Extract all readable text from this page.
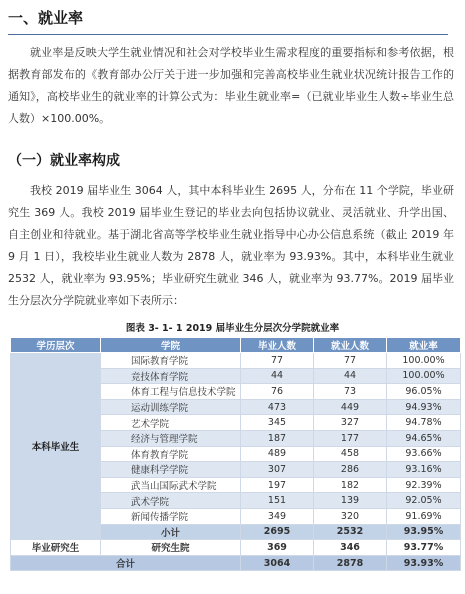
一、就业率
就业率是反映大学生就业情况和社会对学校毕业生需求程度的重要指标和参考依据，根据教育部发布的《教育部办公厅关于进一步加强和完善高校毕业生就业状况统计报告工作的通知》，高校毕业生的就业率的计算公式为：毕业生就业率=（已就业毕业生人数÷毕业生总人数）×100.00%。
（一）就业率构成
我校 2019 届毕业生 3064 人，其中本科毕业生 2695 人，分布在 11 个学院，毕业研究生 369 人。我校 2019 届毕业生登记的毕业去向包括协议就业、灵活就业、升学出国、自主创业和待就业。基于湖北省高等学校毕业生就业指导中心办公信息系统（截止 2019 年 9 月 1 日），我校毕业生就业人数为 2878 人，就业率为 93.93%。其中，本科毕业生就业 2532 人，就业率为 93.95%；毕业研究生就业 346 人，就业率为 93.77%。2019 届毕业生分层次分学院就业率如下表所示：
图表 3- 1- 1 2019 届毕业生分层次分学院就业率
学历层次	学院	毕业人数	就业人数	就业率
本科毕业生	国际教育学院	77	77	100.00%
	竞技体育学院	44	44	100.00%
	体育工程与信息技术学院	76	73	96.05%
	运动训练学院	473	449	94.93%
	艺术学院	345	327	94.78%
	经济与管理学院	187	177	94.65%
	体育教育学院	489	458	93.66%
	健康科学学院	307	286	93.16%
	武当山国际武术学院	197	182	92.39%
	武术学院	151	139	92.05%
	新闻传播学院	349	320	91.69%
	小计	2695	2532	93.95%
毕业研究生	研究生院	369	346	93.77%
合计		3064	2878	93.93%
